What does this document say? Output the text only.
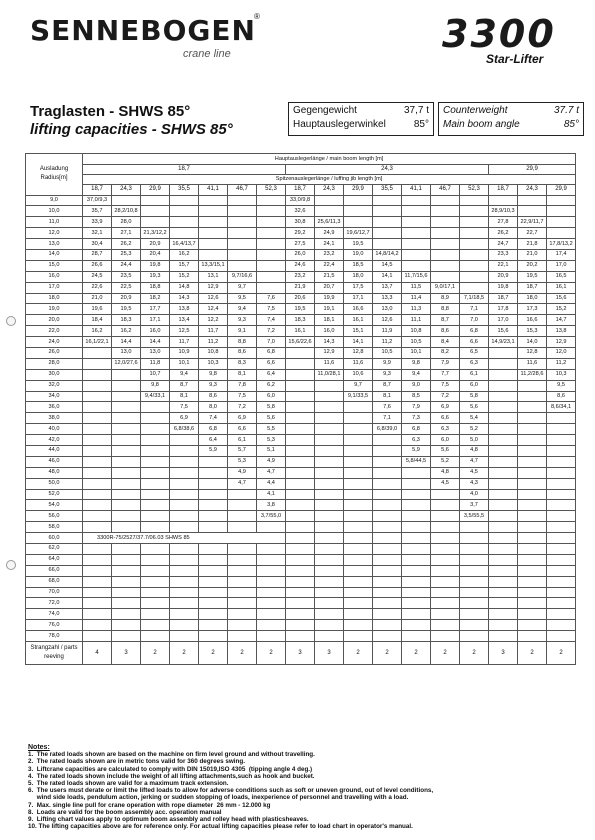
SENNEBOGEN
®
crane line	3300
Star-Lifter
Traglasten - SHWS 85°
lifting capacities - SHWS 85°
Gegengewicht	37,7 t
Hauptauslegerwinkel	85°
Counterweight	37.7 t
Main boom angle	85°
Ausladung Radius[m]	Hauptauslegerlänge / main boom length [m]																
	18,7							24,3							29,9		
	Spitzenauslegerlänge / luffing jib length [m]																
	18,7	24,3	29,9	35,5	41,1	46,7	52,3	18,7	24,3	29,9	35,5	41,1	46,7	52,3	18,7	24,3	29,9
9,0	37,0/9,3							33,0/9,8									
10,0	35,7	28,2/10,8						32,6							28,9/10,3		
11,0	33,9	28,0						30,8	25,6/11,3						27,8	22,9/11,7	
12,0	32,1	27,1	21,3/12,2					29,2	24,9	19,6/12,7					26,2	22,7	
13,0	30,4	26,2	20,9	16,4/13,7				27,5	24,1	19,5					24,7	21,8	17,8/13,2
14,0	28,7	25,3	20,4	16,2				26,0	23,2	19,0	14,8/14,2				23,3	21,0	17,4
15,0	26,6	24,4	19,8	15,7	13,3/15,1			24,6	22,4	18,5	14,5				22,1	20,2	17,0
16,0	24,5	23,5	19,3	15,2	13,1	9,7/16,6		23,2	21,5	18,0	14,1	11,7/15,6			20,9	19,5	16,5
17,0	22,6	22,5	18,8	14,8	12,9	9,7		21,9	20,7	17,5	13,7	11,5	9,0/17,1		19,8	18,7	16,1
18,0	21,0	20,9	18,2	14,3	12,6	9,5	7,6	20,6	19,9	17,1	13,3	11,4	8,9	7,1/18,5	18,7	18,0	15,6
19,0	19,6	19,5	17,7	13,8	12,4	9,4	7,5	19,5	19,1	16,6	13,0	11,3	8,8	7,1	17,8	17,3	15,2
20,0	18,4	18,3	17,1	13,4	12,2	9,3	7,4	18,3	18,1	16,1	12,6	11,1	8,7	7,0	17,0	16,6	14,7
22,0	16,2	16,2	16,0	12,5	11,7	9,1	7,2	16,1	16,0	15,1	11,9	10,8	8,6	6,8	15,6	15,3	13,8
24,0	16,1/22,1	14,4	14,4	11,7	11,2	8,8	7,0	15,6/22,6	14,3	14,1	11,2	10,5	8,4	6,6	14,9/23,1	14,0	12,9
26,0		13,0	13,0	10,9	10,8	8,6	6,8		12,9	12,8	10,5	10,1	8,2	6,5		12,8	12,0
28,0		12,0/27,6	11,8	10,1	10,3	8,3	6,6		11,6	11,6	9,9	9,8	7,9	6,3		11,6	11,2
30,0			10,7	9,4	9,8	8,1	6,4		11,0/28,1	10,6	9,3	9,4	7,7	6,1		11,2/28,6	10,3
32,0			9,8	8,7	9,3	7,8	6,2			9,7	8,7	9,0	7,5	6,0			9,5
34,0			9,4/33,1	8,1	8,6	7,5	6,0			9,1/33,5	8,1	8,5	7,2	5,8			8,6
36,0				7,5	8,0	7,2	5,8				7,6	7,9	6,9	5,6			8,6/34,1
38,0				6,9	7,4	6,9	5,6				7,1	7,3	6,6	5,4			
40,0				6,8/38,6	6,8	6,6	5,5				6,8/39,0	6,8	6,3	5,2			
42,0					6,4	6,1	5,3					6,3	6,0	5,0			
44,0					5,9	5,7	5,1					5,9	5,6	4,8			
46,0						5,3	4,9					5,8/44,5	5,2	4,7			
48,0						4,9	4,7						4,8	4,5			
50,0						4,7	4,4						4,5	4,3			
52,0							4,1							4,0			
54,0							3,8							3,7			
56,0							3,7/55,0							3,5/55,5			
58,0																	
60,0	3300R-75/2527/37.7/06.03 SHWS 85																
62,0																	
64,0																	
66,0																	
68,0																	
70,0																	
72,0																	
74,0																	
76,0																	
78,0																	
Strangzahl / parts reeving	4	3	2	2	2	2	2	3	3	2	2	2	2	2	3	2	2
Notes:

1.  The rated loads shown are based on the machine on firm level ground and without travelling.

2.  The rated loads shown are in metric tons valid for 360 degrees swing.

3.  Liftcrane capacities are calculated to comply with DIN 15019,ISO 4305  (tipping angle 4 deg.)

4.  The rated loads shown include the weight of all lifting attachments,such as hook and bucket.

5.  The rated loads shown are valid for a maximum track extension.

6.  The users must derate or limit the lifted loads to allow for adverse conditions such as soft or uneven ground, out of level conditions,

wind side loads, pendulum action, jerking or sudden stopping of loads, inexperience of personnel and travelling with a load.

7.  Max. single line pull for crane operation with rope diameter  26 mm - 12.000 kg

8.  Loads are valid for the boom assembly acc. operation manual

9.  Lifting chart values apply to optimum boom assembly and rolley head with plasticsheaves.

10. The lifting capacities above are for reference only. For actual lifting capacities please refer to load chart in operator's manual.
